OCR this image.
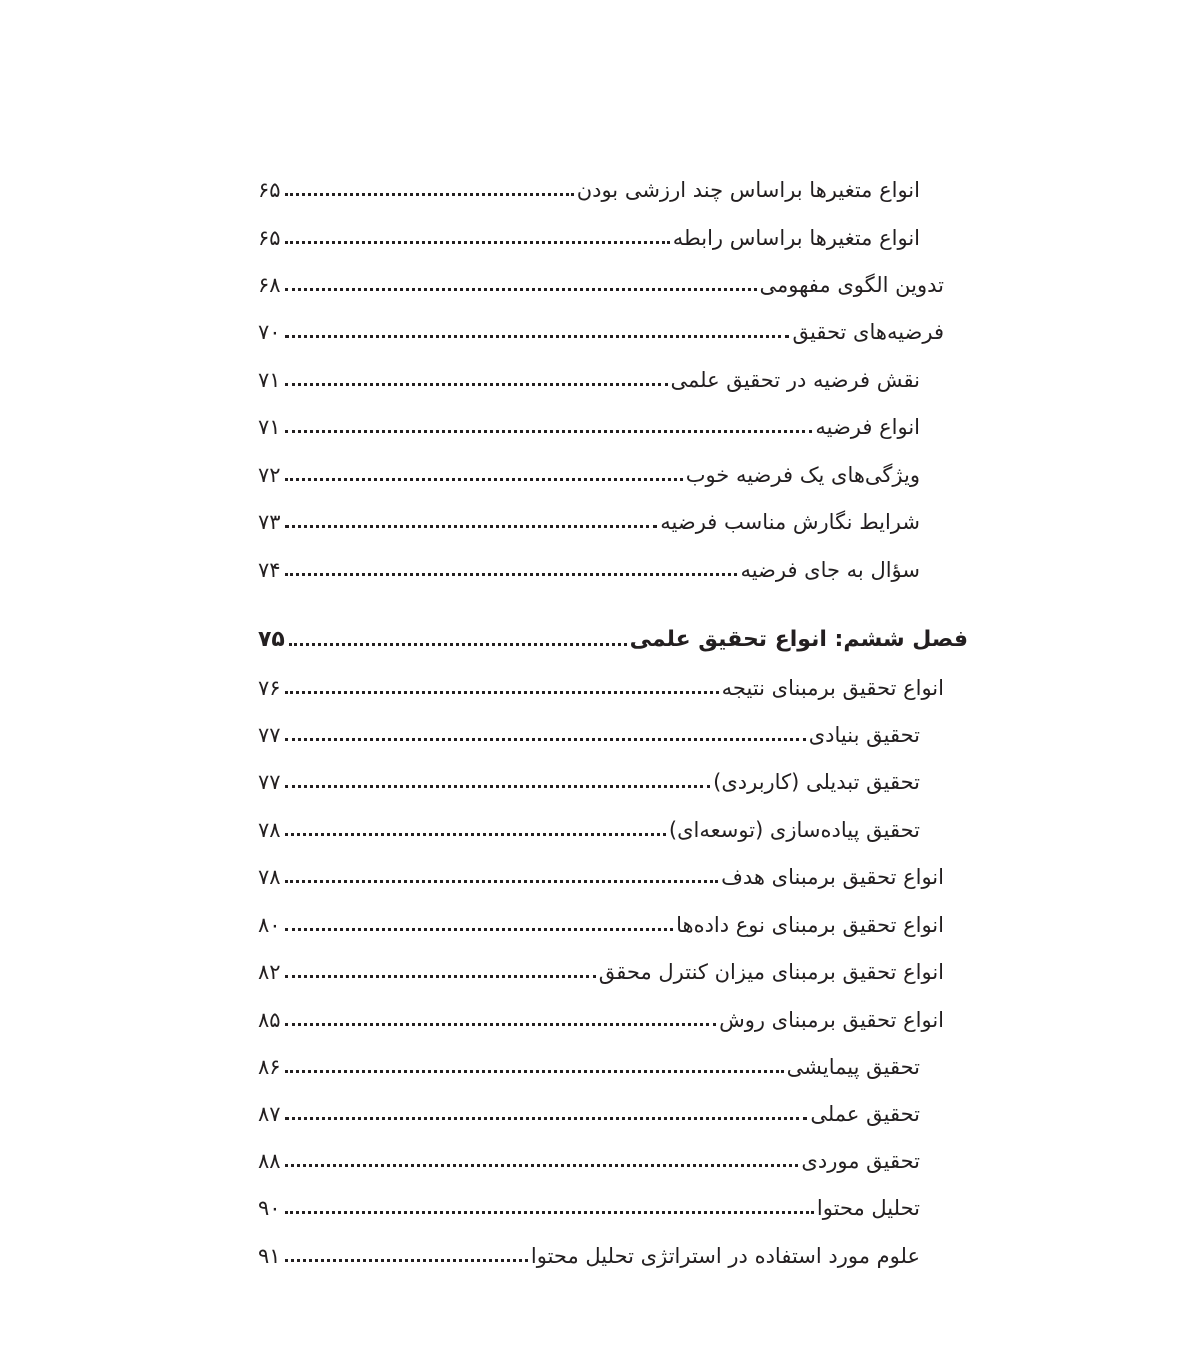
۶۵	انواع متغیرها براساس چند ارزشی بودن
۶۵	انواع متغیرها براساس رابطه
۶۸	تدوین الگوی مفهومی
۷۰	فرضیه‌های تحقیق
۷۱	نقش فرضیه در تحقیق علمی
۷۱	انواع فرضیه
۷۲	ویژگی‌های یک فرضیه خوب
۷۳	شرایط نگارش مناسب فرضیه
۷۴	سؤال به جای فرضیه
۷۵	فصل ششم: انواع تحقیق علمی
۷۶	انواع تحقیق برمبنای نتیجه
۷۷	تحقیق بنیادی
۷۷	تحقیق تبدیلی (کاربردی)
۷۸	تحقیق پیاده‌سازی (توسعه‌ای)
۷۸	انواع تحقیق برمبنای هدف
۸۰	انواع تحقیق برمبنای نوع داده‌ها
۸۲	انواع تحقیق برمبنای میزان کنترل محقق
۸۵	انواع تحقیق برمبنای روش
۸۶	تحقیق پیمایشی
۸۷	تحقیق عملی
۸۸	تحقیق موردی
۹۰	تحلیل محتوا
۹۱	علوم مورد استفاده در استراتژی تحلیل محتوا
